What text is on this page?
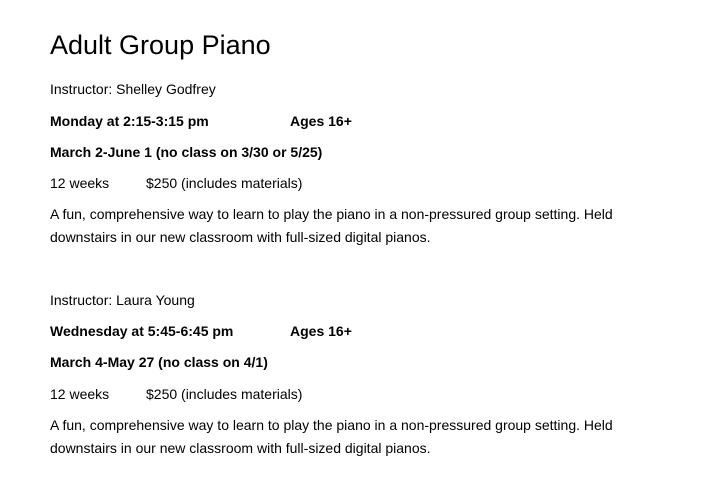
Adult Group Piano
Instructor: Shelley Godfrey
Monday at 2:15-3:15 pm	Ages 16+
March 2-June 1 (no class on 3/30 or 5/25)
12 weeks	$250 (includes materials)
A fun, comprehensive way to learn to play the piano in a non-pressured group setting. Held downstairs in our new classroom with full-sized digital pianos.
Instructor: Laura Young
Wednesday at 5:45-6:45 pm	Ages 16+
March 4-May 27 (no class on 4/1)
12 weeks	$250 (includes materials)
A fun, comprehensive way to learn to play the piano in a non-pressured group setting. Held downstairs in our new classroom with full-sized digital pianos.
